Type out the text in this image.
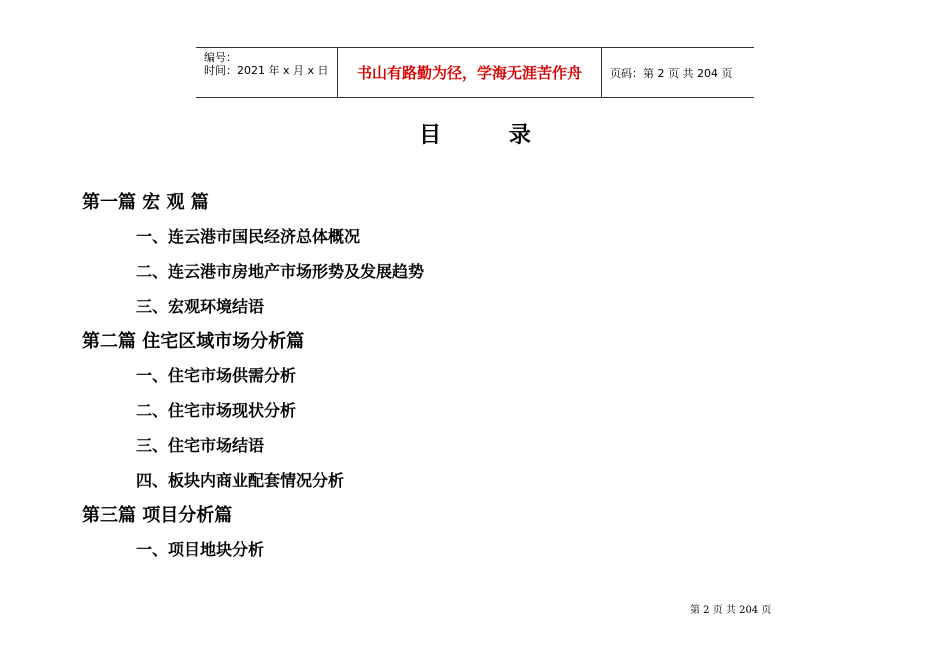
编号：
时间：2021 年 x 月 x 日 书山有路勤为径，学海无涯苦作舟	页码：第 2 页 共 204 页
目 录
第一篇 宏 观 篇
一、连云港市国民经济总体概况
二、连云港市房地产市场形势及发展趋势
三、宏观环境结语
第二篇 住宅区域市场分析篇
一、住宅市场供需分析
二、住宅市场现状分析
三、住宅市场结语
四、板块内商业配套情况分析
第三篇 项目分析篇
一、项目地块分析
第 2 页 共 204 页
